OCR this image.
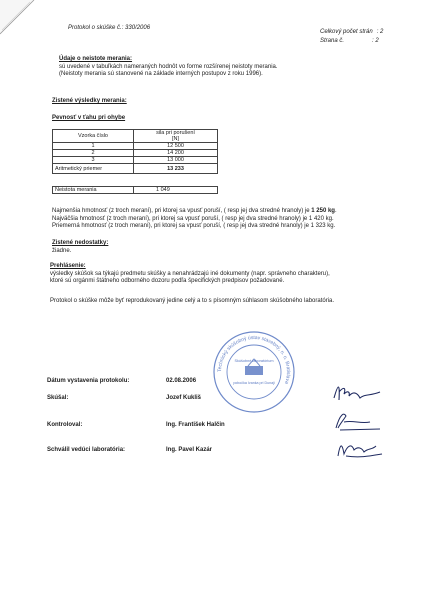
Protokol o skúške č.: 330/2006
Celkový počet strán : 2
Strana č.	: 2
Údaje o neistote merania:
sú uvedené v tabuľkách nameraných hodnôt vo forme rozšírenej neistoty merania.
(Neistoty merania sú stanovené na základe interných postupov z roku 1996).
Zistené výsledky merania:
Pevnosť v ťahu pri ohybe
Vzorka číslo	sila pri porušení
	[N]
1	12 500
2	14 200
3	13 000
Aritmetický priemer	13 233
Neistota merania	1 049
Najmenšia hmotnosť (z troch meraní), pri ktorej sa vpusť poruší, ( resp jej dva stredné hranoly) je 1 250 kg.
Najväčšia hmotnosť (z troch meraní), pri ktorej sa vpusť poruší, ( resp jej dva stredné hranoly) je 1 420 kg.
Priemerná hmotnosť (z troch meraní), pri ktorej sa vpusť poruší, ( resp jej dva stredné hranoly) je 1 323 kg.
Zistené nedostatky:
žiadne.
Prehlásenie:
výsledky skúšok sa týkajú predmetu skúšky a nenahrádzajú iné dokumenty (napr. správneho charakteru),
ktoré sú orgánmi štátneho odborného dozoru podľa špecifických predpisov požadované.
Protokol o skúške môže byť reprodukovaný jedine celý a to s písomným súhlasom skúšobného laboratória.
Technický skúšobný ústav stavebný, n. o. Bratislava
Skúšobné laboratórium
pobočka Ivanka pri Dunaji
Dátum vystavenia protokolu:	02.08.2006
Skúšal:	Jozef Kukliš
Kontroloval:	Ing. František Halčin
Schválil vedúci laboratória:	Ing. Pavel Kazár
